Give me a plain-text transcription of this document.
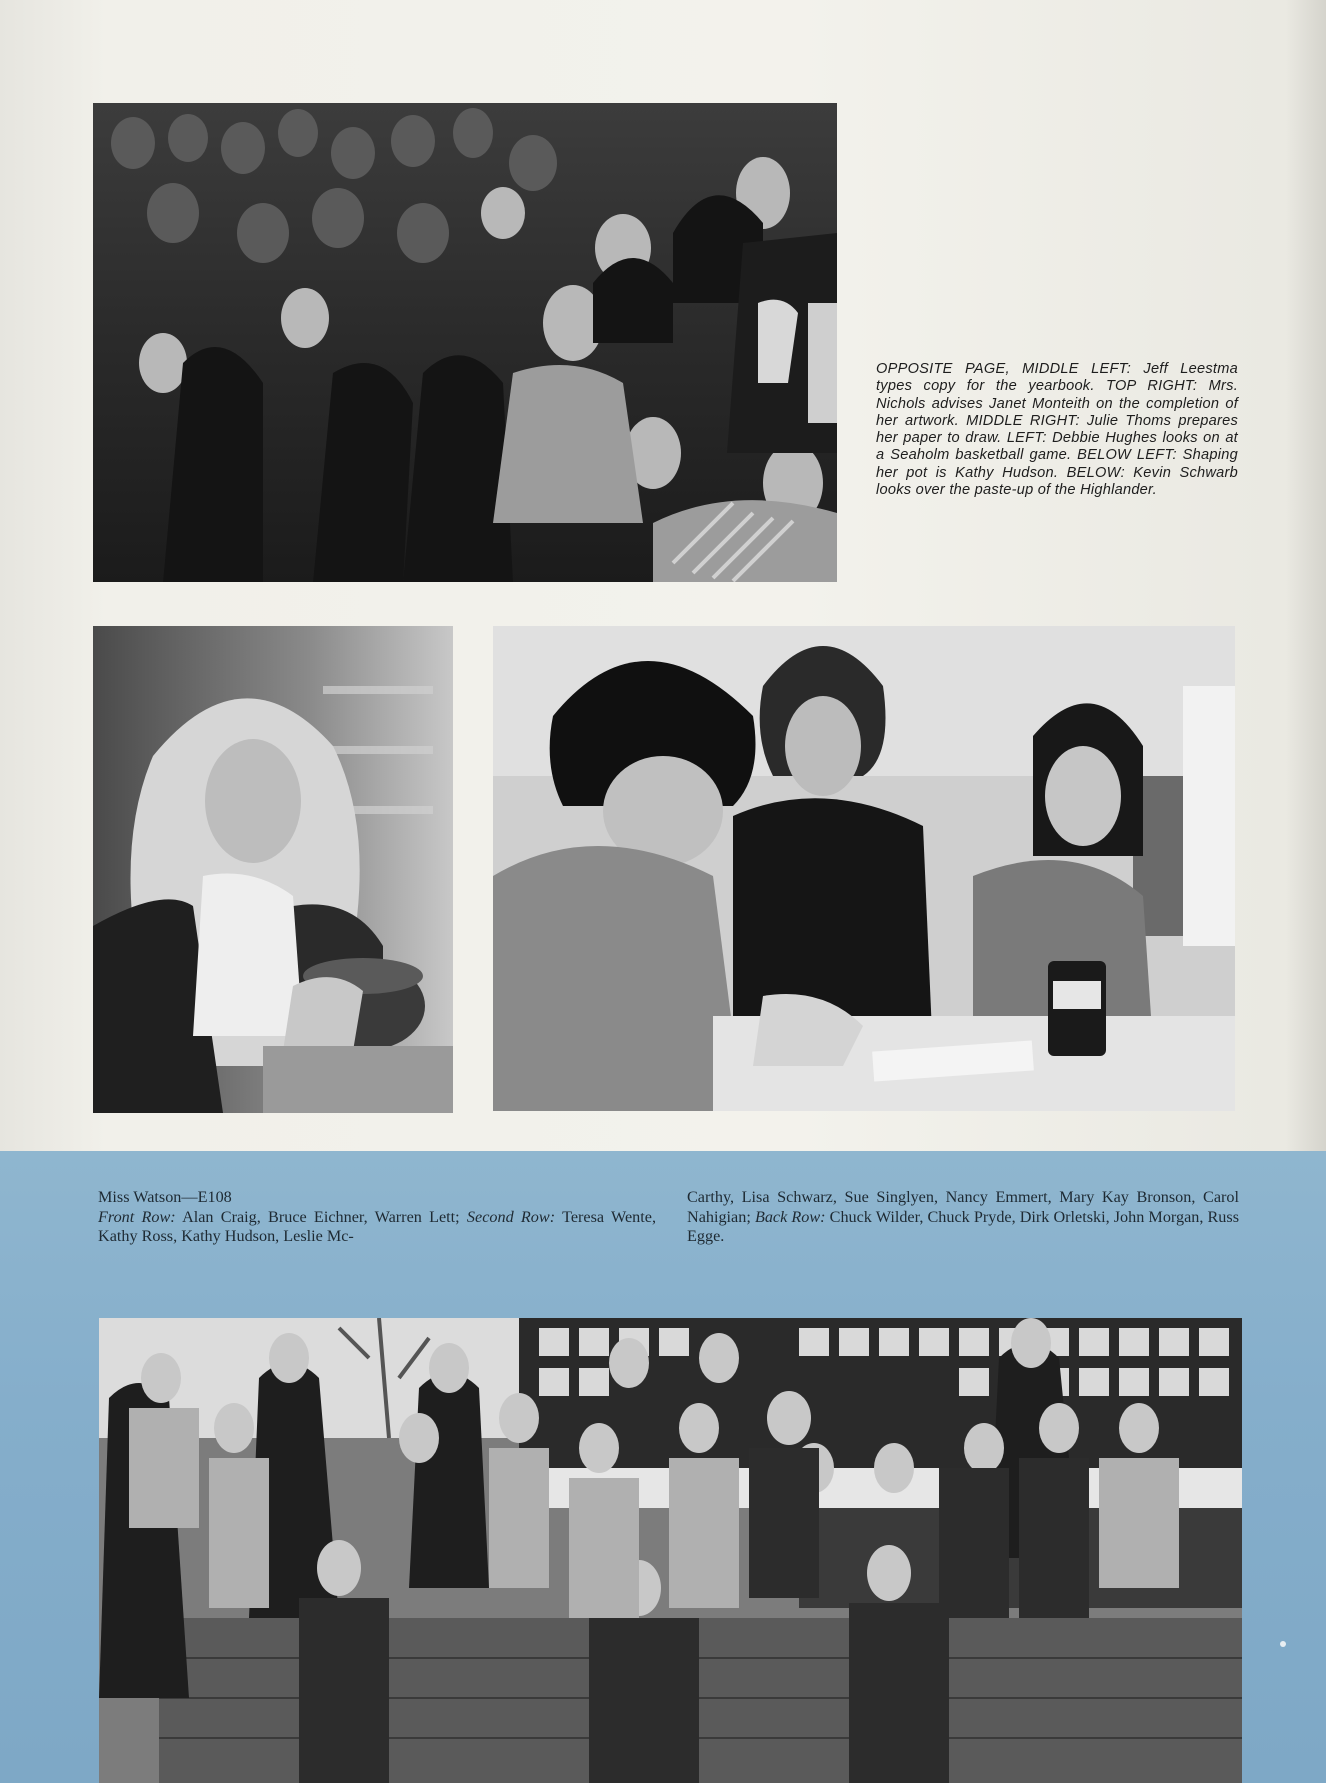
OPPOSITE PAGE, MIDDLE LEFT: Jeff Leestma types copy for the yearbook. TOP RIGHT: Mrs. Nichols advises Janet Monteith on the completion of her artwork. MIDDLE RIGHT: Julie Thoms prepares her paper to draw. LEFT: Debbie Hughes looks on at a Seaholm basketball game. BELOW LEFT: Shaping her pot is Kathy Hudson. BELOW: Kevin Schwarb looks over the paste-up of the Highlander.

Miss Watson—E108
Front Row: Alan Craig, Bruce Eichner, Warren Lett; Second Row: Teresa Wente, Kathy Ross, Kathy Hudson, Leslie Mc-

Carthy, Lisa Schwarz, Sue Singlyen, Nancy Emmert, Mary Kay Bronson, Carol Nahigian; Back Row: Chuck Wilder, Chuck Pryde, Dirk Orletski, John Morgan, Russ Egge.
